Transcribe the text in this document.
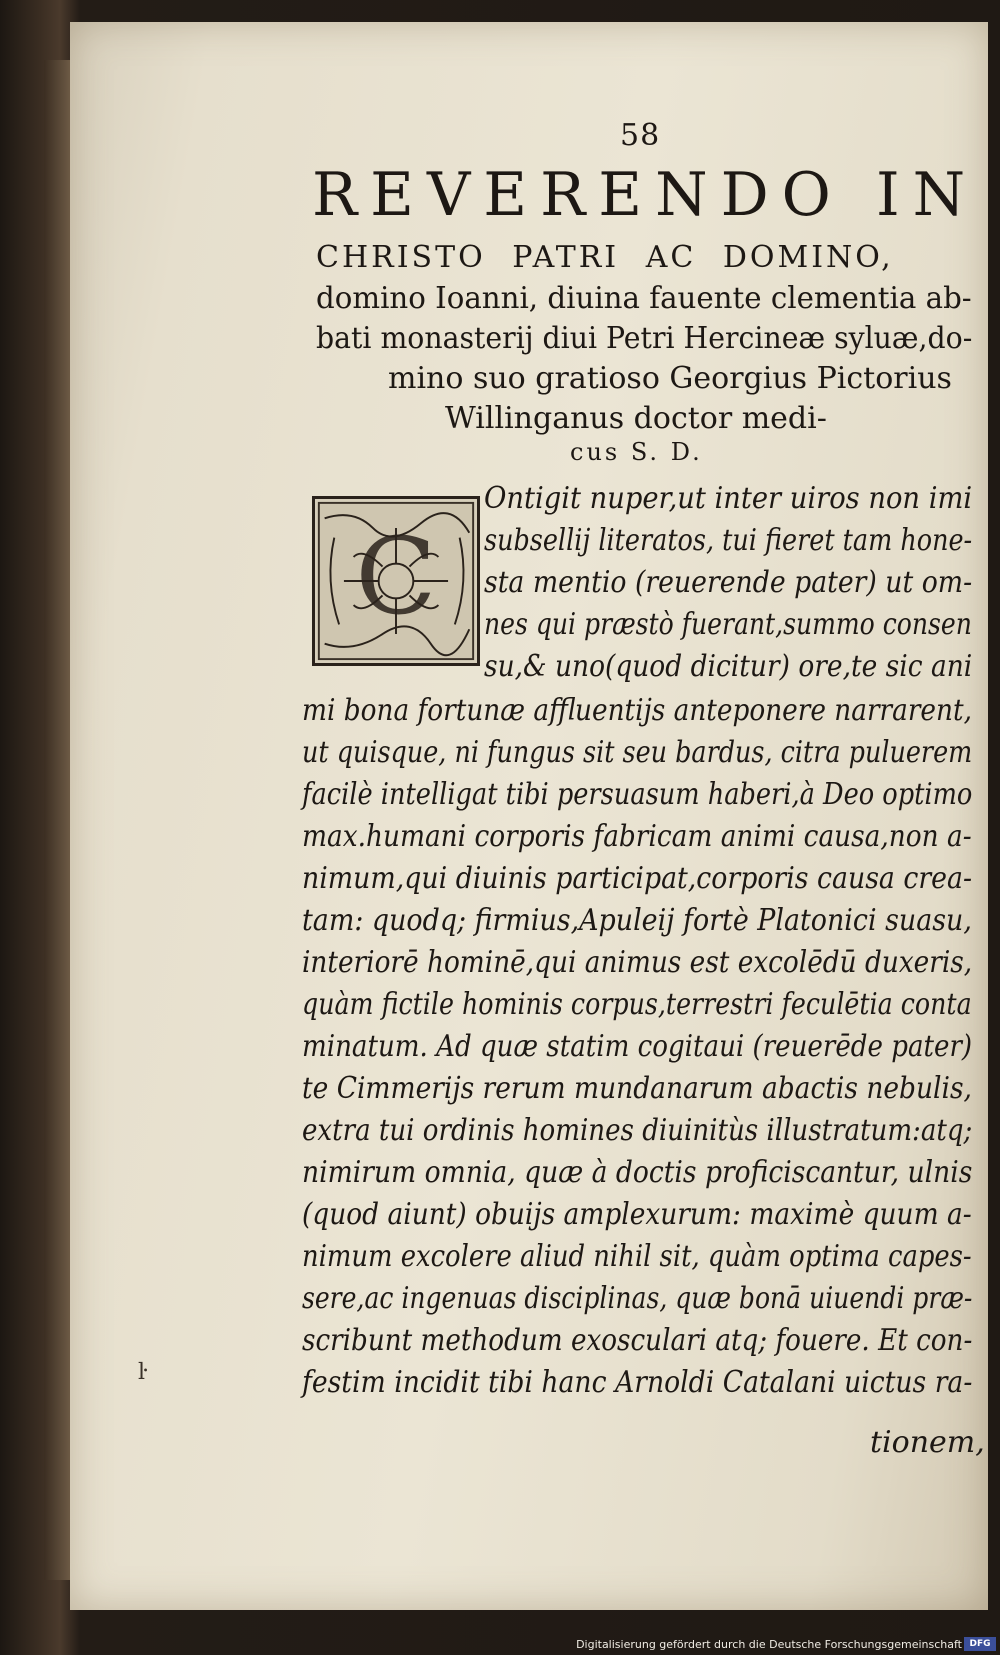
58
REVERENDO IN
CHRISTO PATRI AC DOMINO,
domino Ioanni, diuina fauente clementia ab-
bati monasterij diui Petri Hercineæ syluæ,do-
mino suo gratioso Georgius Pictorius
Willinganus doctor medi-
cus S. D.
C
Ontigit nuper,ut inter uiros non imi
subsellij literatos, tui fieret tam hone-
sta mentio (reuerende pater) ut om-
nes qui præstò fuerant,summo consen
su,& uno(quod dicitur) ore,te sic ani
mi bona fortunæ affluentijs anteponere narrarent,
ut quisque, ni fungus sit seu bardus, citra puluerem
facilè intelligat tibi persuasum haberi,à Deo optimo
max.humani corporis fabricam animi causa,non a-
nimum,qui diuinis participat,corporis causa crea-
tam: quodq; firmius,Apuleij fortè Platonici suasu,
interiorē hominē,qui animus est excolēdū duxeris,
quàm fictile hominis corpus,terrestri feculētia conta
minatum. Ad quæ statim cogitaui (reuerēde pater)
te Cimmerijs rerum mundanarum abactis nebulis,
extra tui ordinis homines diuinitùs illustratum:atq;
nimirum omnia, quæ à doctis proficiscantur, ulnis
(quod aiunt) obuijs amplexurum: maximè quum a-
nimum excolere aliud nihil sit, quàm optima capes-
sere,ac ingenuas disciplinas, quæ bonā uiuendi præ-
scribunt methodum exosculari atq; fouere. Et con-
festim incidit tibi hanc Arnoldi Catalani uictus ra-
tionem,
ŀ
Digitalisierung gefördert durch die Deutsche Forschungsgemeinschaft DFG
